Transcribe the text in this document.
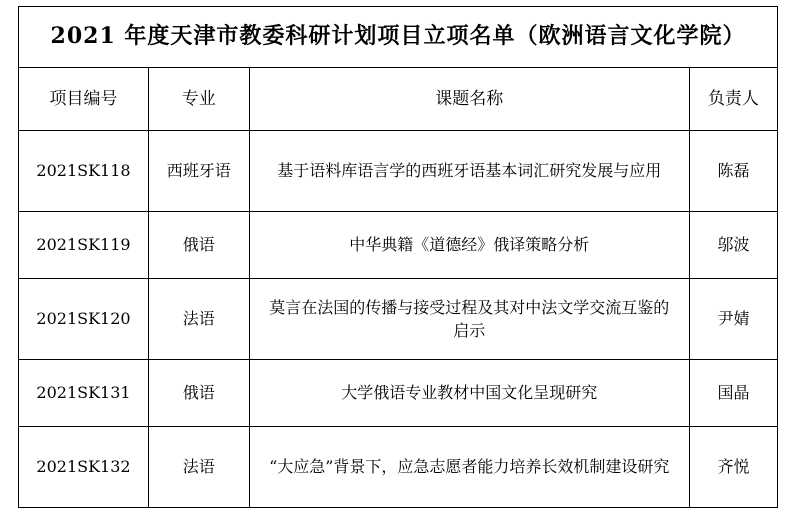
2021 年度天津市教委科研计划项目立项名单（欧洲语言文化学院）			
项目编号	专业	课题名称	负责人
2021SK118	西班牙语	基于语料库语言学的西班牙语基本词汇研究发展与应用	陈磊
2021SK119	俄语	中华典籍《道德经》俄译策略分析	邬波
2021SK120	法语	莫言在法国的传播与接受过程及其对中法文学交流互鉴的启示	尹婧
2021SK131	俄语	大学俄语专业教材中国文化呈现研究	国晶
2021SK132	法语	“大应急”背景下，应急志愿者能力培养长效机制建设研究	齐悦
